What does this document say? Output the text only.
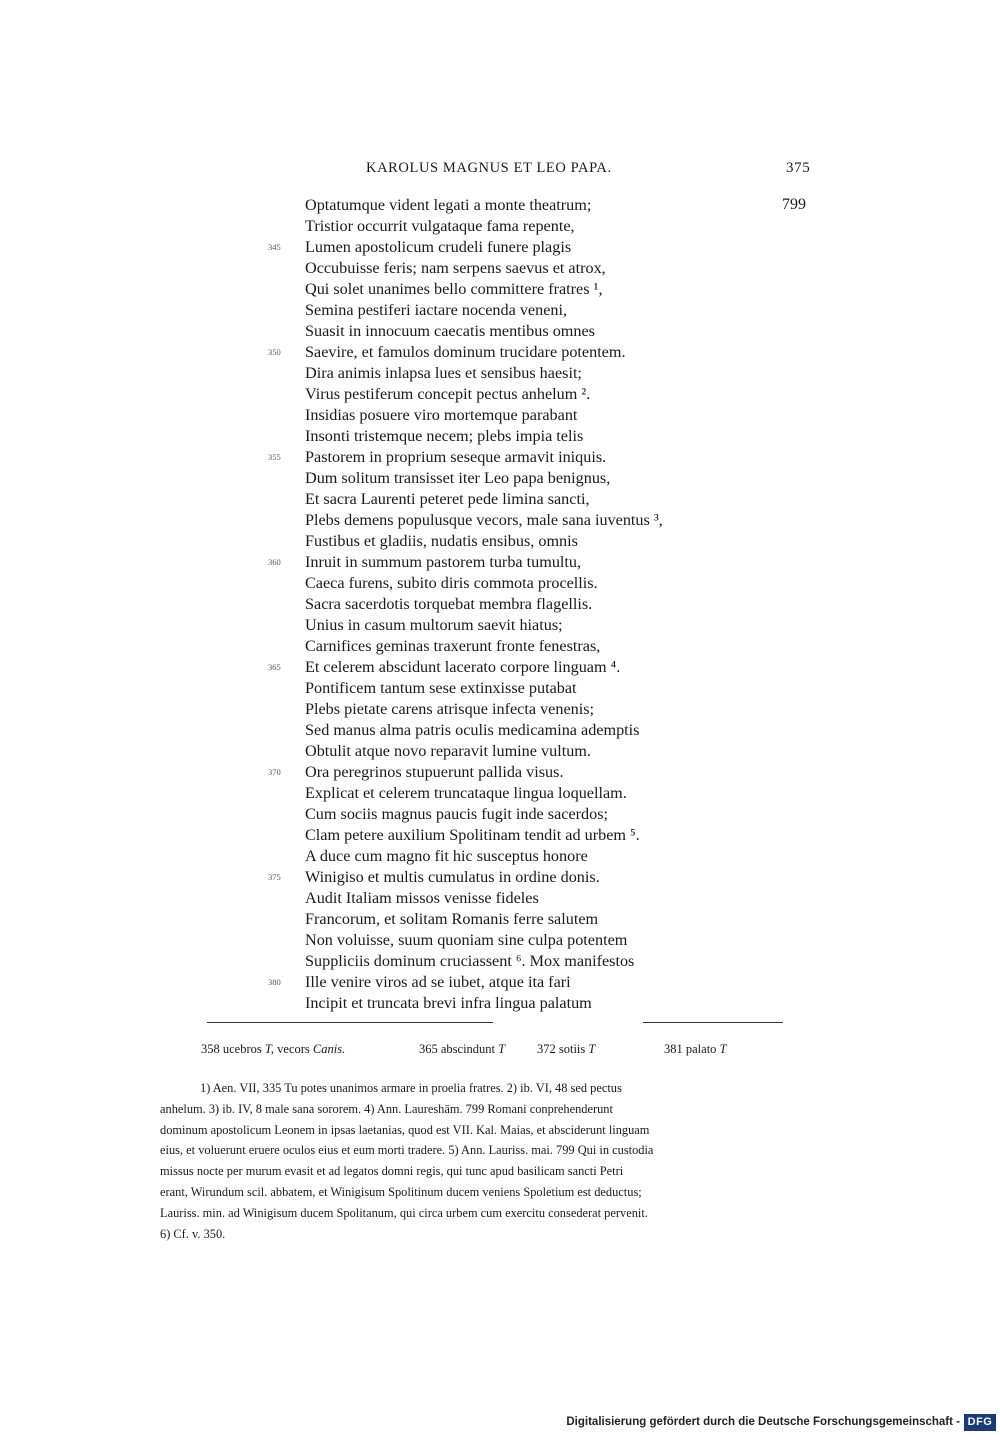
KAROLUS MAGNUS ET LEO PAPA.	375
799
Optatumque vident legati a monte theatrum;
Tristior occurrit vulgataque fama repente,
345 Lumen apostolicum crudeli funere plagis
Occubuisse feris; nam serpens saevus et atrox,
Qui solet unanimes bello committere fratres ¹,
Semina pestiferi iactare nocenda veneni,
Suasit in innocuum caecatis mentibus omnes
350 Saevire, et famulos dominum trucidare potentem.
Dira animis inlapsa lues et sensibus haesit;
Virus pestiferum concepit pectus anhelum ².
Insidias posuere viro mortemque parabant
Insonti tristemque necem; plebs impia telis
355 Pastorem in proprium seseque armavit iniquis.
Dum solitum transisset iter Leo papa benignus,
Et sacra Laurenti peteret pede limina sancti,
Plebs demens populusque vecors, male sana iuventus ³,
Fustibus et gladiis, nudatis ensibus, omnis
360 Inruit in summum pastorem turba tumultu,
Caeca furens, subito diris commota procellis.
Sacra sacerdotis torquebat membra flagellis.
Unius in casum multorum saevit hiatus;
Carnifices geminas traxerunt fronte fenestras,
365 Et celerem abscidunt lacerato corpore linguam ⁴.
Pontificem tantum sese extinxisse putabat
Plebs pietate carens atrisque infecta venenis;
Sed manus alma patris oculis medicamina ademptis
Obtulit atque novo reparavit lumine vultum.
370 Ora peregrinos stupuerunt pallida visus.
Explicat et celerem truncataque lingua loquellam.
Cum sociis magnus paucis fugit inde sacerdos;
Clam petere auxilium Spolitinam tendit ad urbem ⁵.
A duce cum magno fit hic susceptus honore
375 Winigiso et multis cumulatus in ordine donis.
Audit Italiam missos venisse fideles
Francorum, et solitam Romanis ferre salutem
Non voluisse, suum quoniam sine culpa potentem
Suppliciis dominum cruciassent ⁶. Mox manifestos
380 Ille venire viros ad se iubet, atque ita fari
Incipit et truncata brevi infra lingua palatum
358 ucebros T, vecors Canis.	365 abscindunt T	372 sotiis T	381 palato T
1) Aen. VII, 335 Tu potes unanimos armare in proelia fratres. 2) ib. VI, 48 sed pectus
anhelum. 3) ib. IV, 8 male sana sororem. 4) Ann. Laureshām. 799 Romani conprehenderunt
dominum apostolicum Leonem in ipsas laetanias, quod est VII. Kal. Maias, et absciderunt linguam
eius, et voluerunt eruere oculos eius et eum morti tradere. 5) Ann. Lauriss. mai. 799 Qui in custodia
missus nocte per murum evasit et ad legatos domni regis, qui tunc apud basilicam sancti Petri
erant, Wirundum scil. abbatem, et Winigisum Spolitinum ducem veniens Spoletium est deductus;
Lauriss. min. ad Winigisum ducem Spolitanum, qui circa urbem cum exercitu consederat pervenit.
6) Cf. v. 350.
Digitalisierung gefördert durch die Deutsche Forschungsgemeinschaft - DFG
